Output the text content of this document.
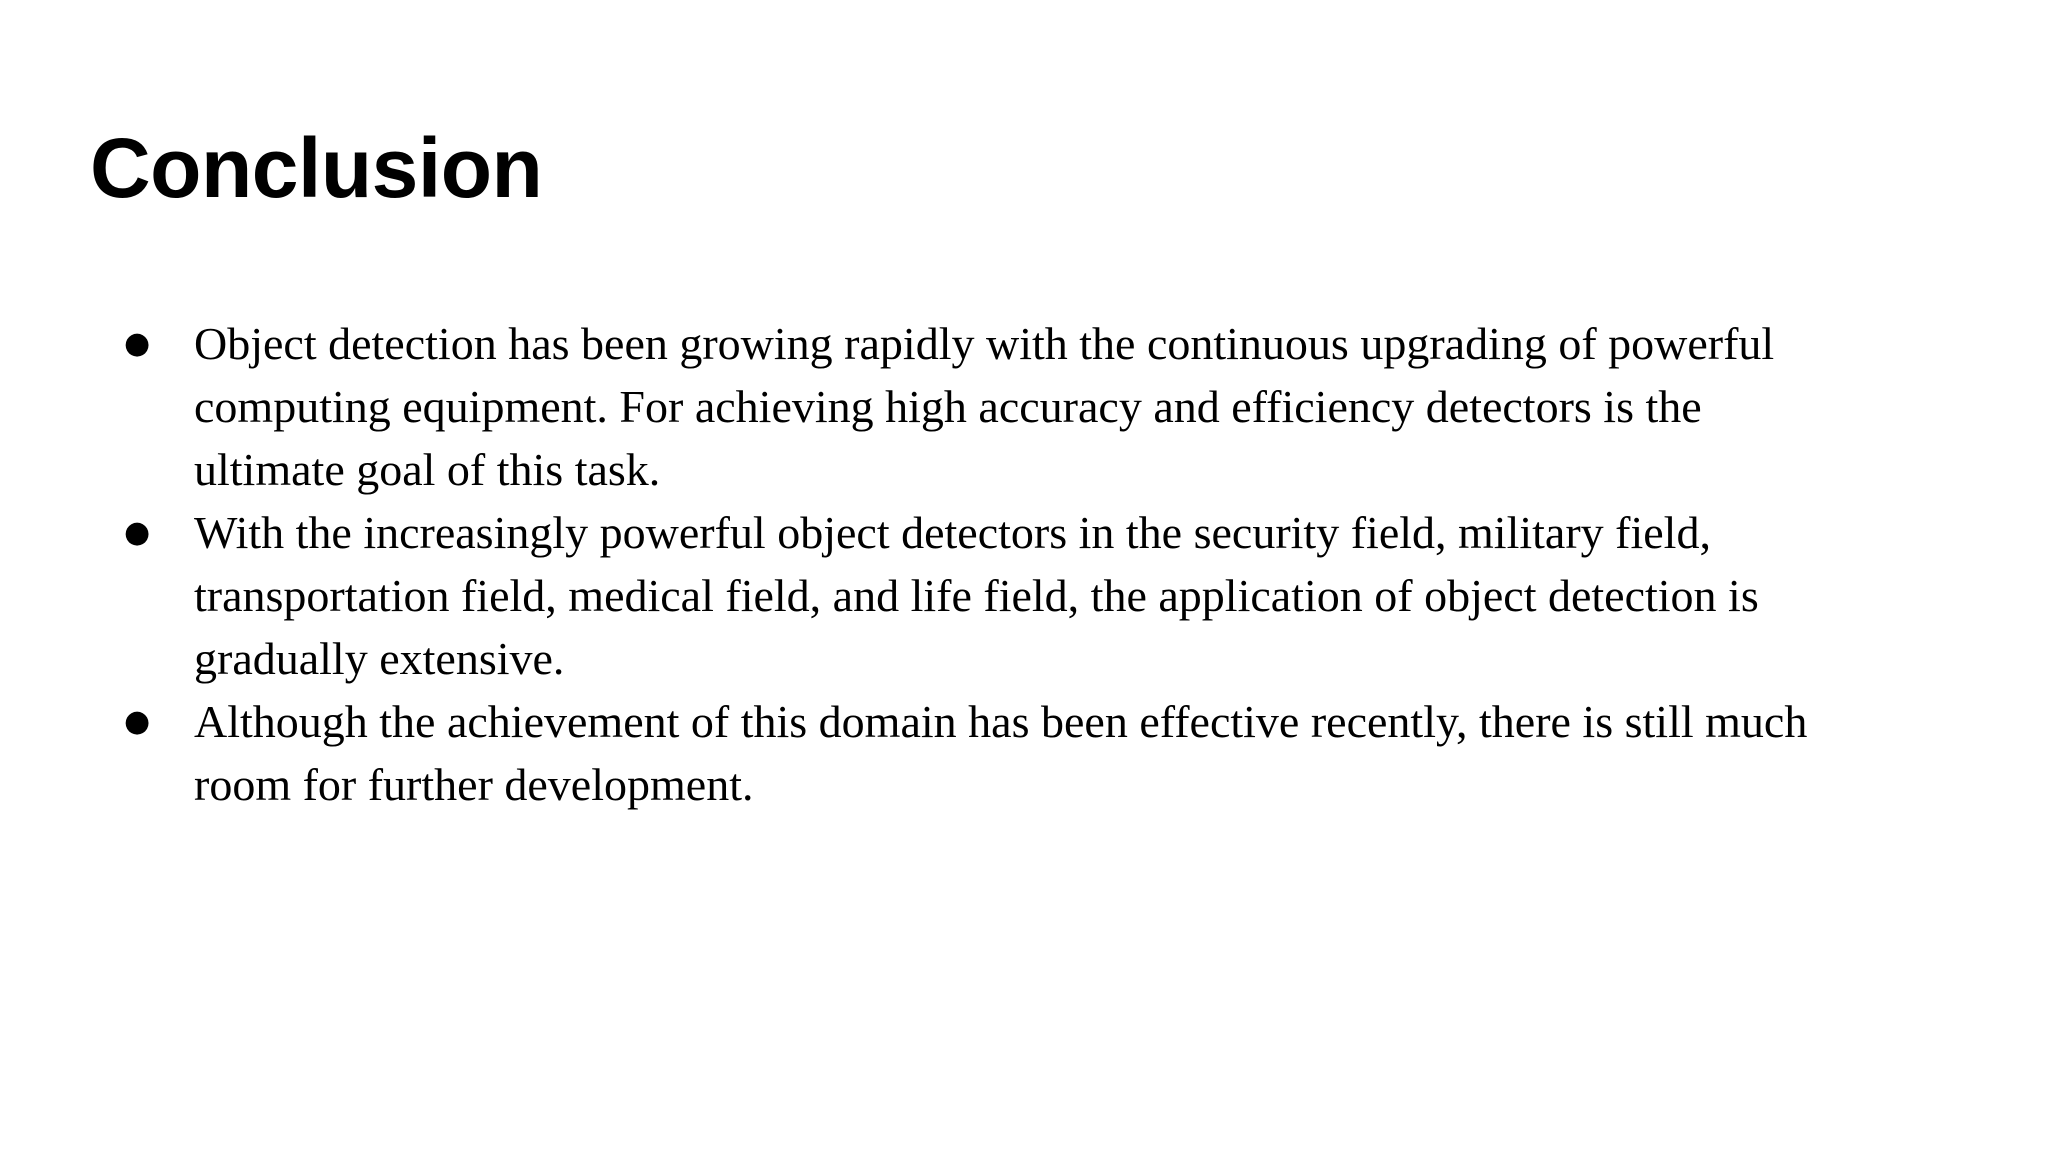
Conclusion
● Object detection has been growing rapidly with the continuous upgrading of powerful
computing equipment. For achieving high accuracy and efficiency detectors is the
ultimate goal of this task.
● With the increasingly powerful object detectors in the security field, military field,
transportation field, medical field, and life field, the application of object detection is
gradually extensive.
● Although the achievement of this domain has been effective recently, there is still much
room for further development.
